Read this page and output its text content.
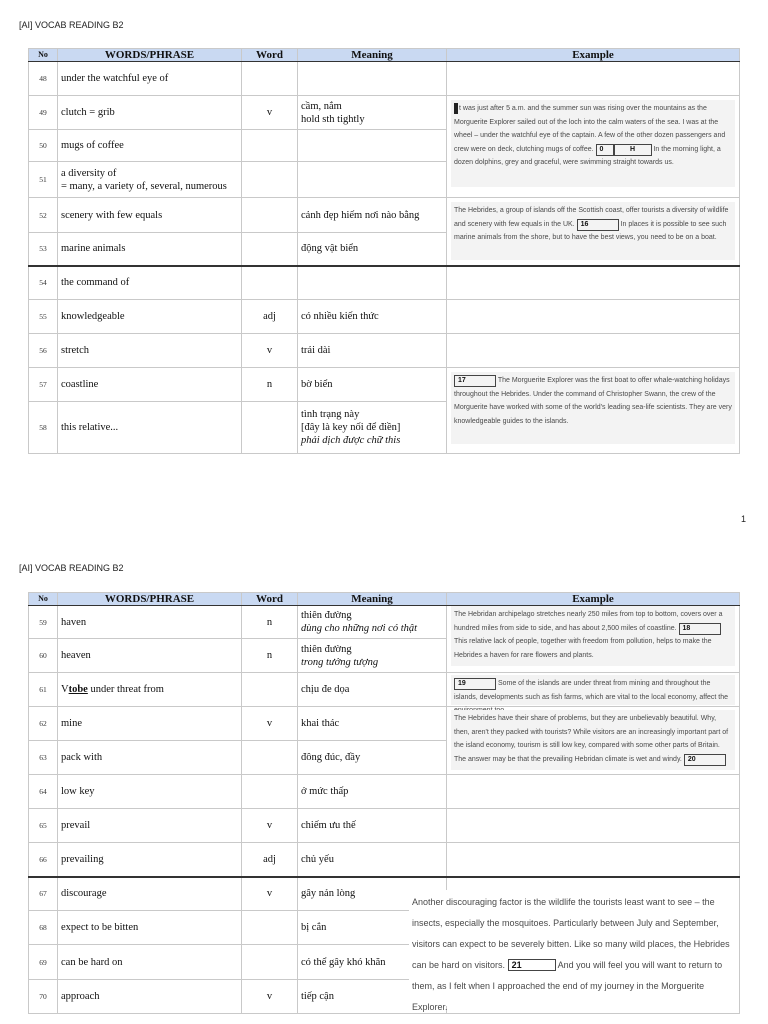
[AI] VOCAB READING B2
No	WORDS/PHRASE	Word	Meaning	Example
48	under the watchful eye of			
49	clutch = grib	v	cầm, nắm
hold sth tightly	t was just after 5 a.m. and the summer sun was rising over the mountains as the Morguerite Explorer sailed out of the loch into the calm waters of the sea. I was at the wheel – under the watchful eye of the captain. A few of the other dozen passengers and crew were on deck, clutching mugs of coffee. 0 H In the morning light, a dozen dolphins, grey and graceful, were swimming straight towards us.

50	mugs of coffee			
51	a diversity of
= many, a variety of, several, numerous			

52	scenery with few equals		cảnh đẹp hiếm nơi nào bằng	The Hebrides, a group of islands off the Scottish coast, offer tourists a diversity of wildlife and scenery with few equals in the UK. 16 In places it is possible to see such marine animals from the shore, but to have the best views, you need to be on a boat.

53	marine animals		động vật biển	
54	the command of			
55	knowledgeable	adj	có nhiều kiến thức	
56	stretch	v	trải dài	
57	coastline	n	bờ biển	17 The Morguerite Explorer was the first boat to offer whale-watching holidays throughout the Hebrides. Under the command of Christopher Swann, the crew of the Morguerite have worked with some of the world's leading sea-life scientists. They are very knowledgeable guides to the islands.

58	this relative...		tình trạng này
[đây là key nối để điền]
phải dịch được chữ this	
1
[AI] VOCAB READING B2
No	WORDS/PHRASE	Word	Meaning	Example
59	haven	n	thiên đường
dùng cho những nơi có thật	The Hebridan archipelago stretches nearly 250 miles from top to bottom, covers over a hundred miles from side to side, and has about 2,500 miles of coastline. 18 This relative lack of people, together with freedom from pollution, helps to make the Hebrides a haven for rare flowers and plants.

60	heaven	n	thiên đường
trong tưởng tượng	

61	Vtobe under threat from		chịu đe dọa	19 Some of the islands are under threat from mining and throughout the islands, developments such as fish farms, which are vital to the local economy, affect the

62	mine	v	khai thác	The Hebrides have their share of problems, but they are unbelievably beautiful. Why, then, aren't they packed with tourists? While visitors are an increasingly important part of the island economy, tourism is still low key, compared with some other parts of Britain. The answer may be that the prevailing Hebridan climate is wet and windy. 20

63	pack with		đông đúc, đầy	
64	low key		ở mức thấp	
65	prevail	v	chiếm ưu thế	
66	prevailing	adj	chủ yếu	
67	discourage	v	gây nản lòng	Another discouraging factor is the wildlife the tourists least want to see – the insects, especially the mosquitoes. Particularly between July and September, visitors can expect to be severely bitten. Like so many wild places, the Hebrides can be hard on visitors. 21 And you will feel you will want to return to them, as I felt when I approached the end of my journey in the Morguerite Explorer.

68	expect to be bitten		bị cắn	
69	can be hard on		có thể gây khó khăn	
70	approach	v	tiếp cận	
